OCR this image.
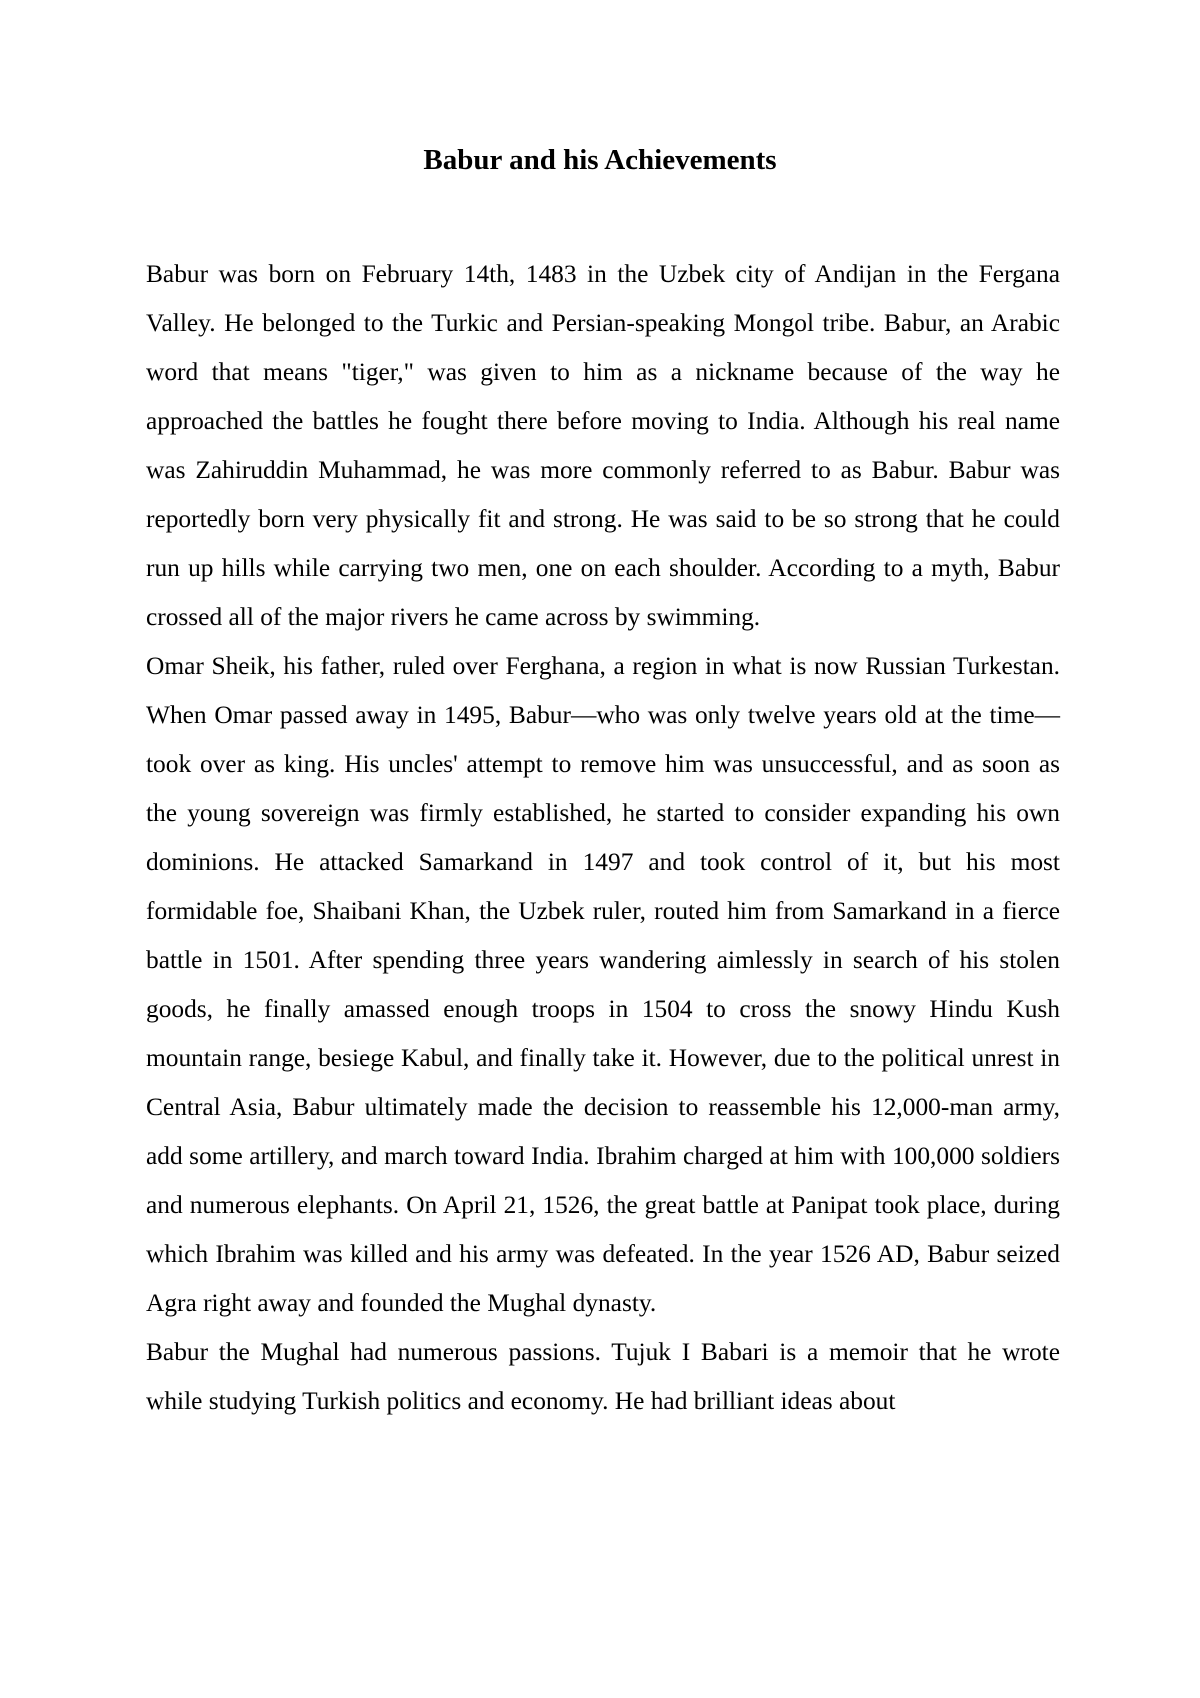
Babur and his Achievements

Babur was born on February 14th, 1483 in the Uzbek city of Andijan in the Fergana Valley. He belonged to the Turkic and Persian-speaking Mongol tribe. Babur, an Arabic word that means "tiger," was given to him as a nickname because of the way he approached the battles he fought there before moving to India. Although his real name was Zahiruddin Muhammad, he was more commonly referred to as Babur. Babur was reportedly born very physically fit and strong. He was said to be so strong that he could run up hills while carrying two men, one on each shoulder. According to a myth, Babur crossed all of the major rivers he came across by swimming.

Omar Sheik, his father, ruled over Ferghana, a region in what is now Russian Turkestan. When Omar passed away in 1495, Babur—who was only twelve years old at the time—took over as king. His uncles' attempt to remove him was unsuccessful, and as soon as the young sovereign was firmly established, he started to consider expanding his own dominions. He attacked Samarkand in 1497 and took control of it, but his most formidable foe, Shaibani Khan, the Uzbek ruler, routed him from Samarkand in a fierce battle in 1501. After spending three years wandering aimlessly in search of his stolen goods, he finally amassed enough troops in 1504 to cross the snowy Hindu Kush mountain range, besiege Kabul, and finally take it. However, due to the political unrest in Central Asia, Babur ultimately made the decision to reassemble his 12,000-man army, add some artillery, and march toward India. Ibrahim charged at him with 100,000 soldiers and numerous elephants. On April 21, 1526, the great battle at Panipat took place, during which Ibrahim was killed and his army was defeated. In the year 1526 AD, Babur seized Agra right away and founded the Mughal dynasty.

Babur the Mughal had numerous passions. Tujuk I Babari is a memoir that he wrote while studying Turkish politics and economy. He had brilliant ideas about
